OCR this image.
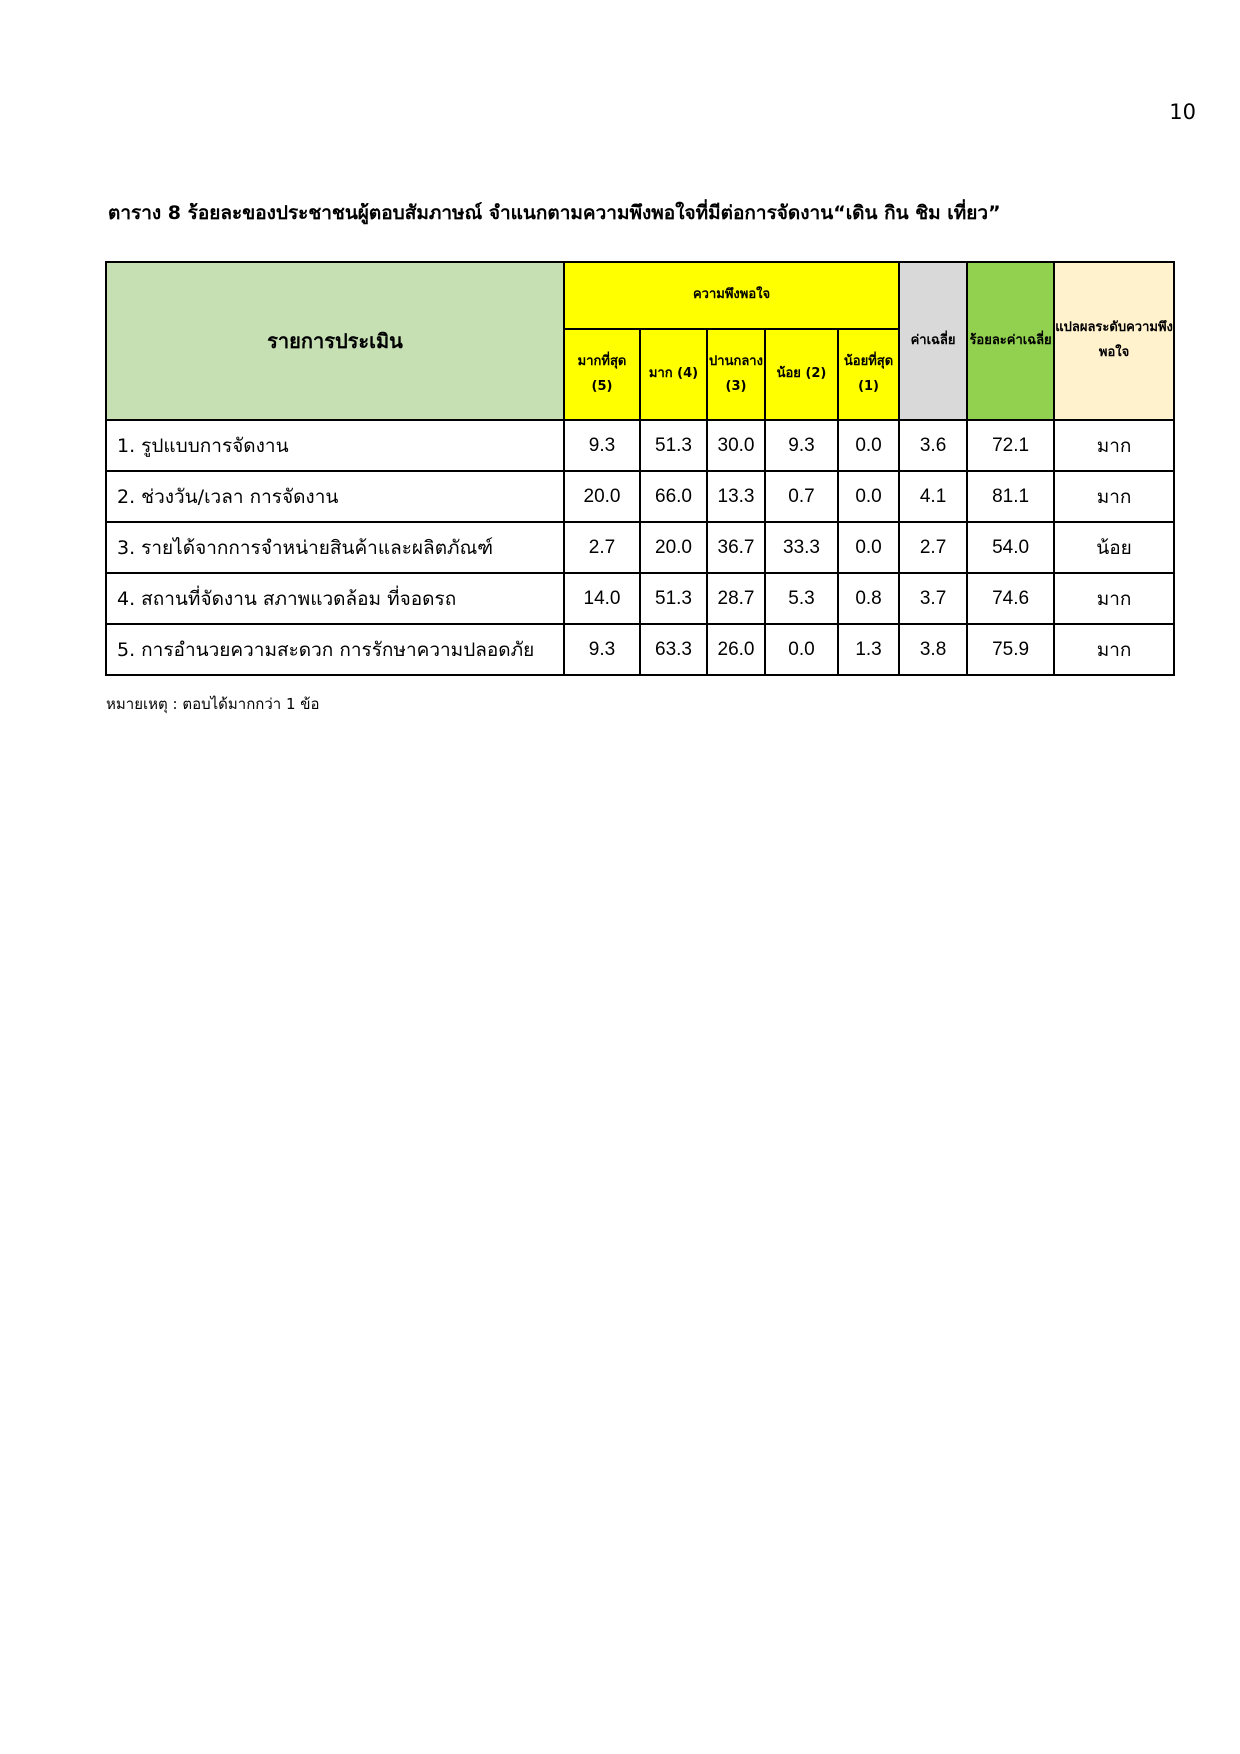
10
ตาราง 8 ร้อยละของประชาชนผู้ตอบสัมภาษณ์ จำแนกตามความพึงพอใจที่มีต่อการจัดงาน“เดิน กิน ชิม เที่ยว”
รายการประเมิน	ความพึงพอใจ					ค่าเฉลี่ย	ร้อยละค่าเฉลี่ย	แปลผลระดับความพึงพอใจ
	มากที่สุด (5)	มาก (4)	ปานกลาง (3)	น้อย (2)	น้อยที่สุด (1)			
1. รูปแบบการจัดงาน	9.3	51.3	30.0	9.3	0.0	3.6	72.1	มาก
2. ช่วงวัน/เวลา การจัดงาน	20.0	66.0	13.3	0.7	0.0	4.1	81.1	มาก
3. รายได้จากการจำหน่ายสินค้าและผลิตภัณฑ์	2.7	20.0	36.7	33.3	0.0	2.7	54.0	น้อย
4. สถานที่จัดงาน สภาพแวดล้อม ที่จอดรถ	14.0	51.3	28.7	5.3	0.8	3.7	74.6	มาก
5. การอำนวยความสะดวก การรักษาความปลอดภัย	9.3	63.3	26.0	0.0	1.3	3.8	75.9	มาก
หมายเหตุ : ตอบได้มากกว่า 1 ข้อ
